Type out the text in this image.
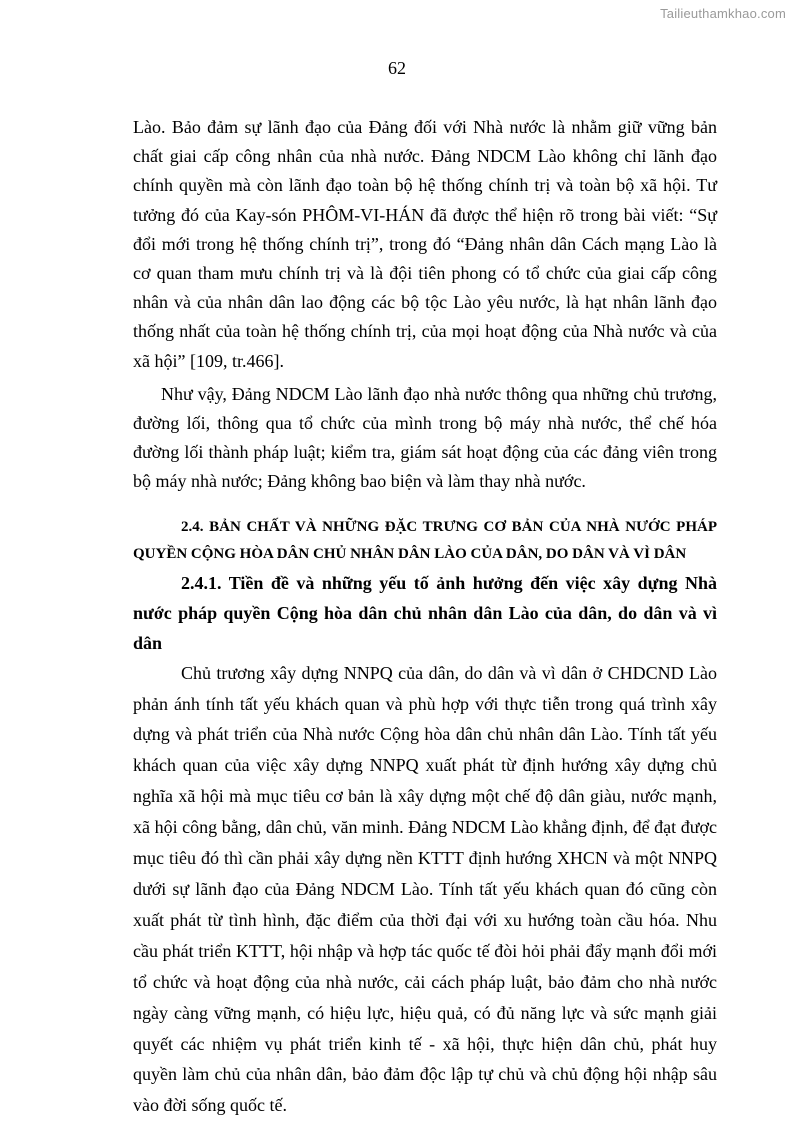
Tailieuthamkhao.com
62

Lào. Bảo đảm sự lãnh đạo của Đảng đối với Nhà nước là nhằm giữ vững bản chất giai cấp công nhân của nhà nước. Đảng NDCM Lào không chỉ lãnh đạo chính quyền mà còn lãnh đạo toàn bộ hệ thống chính trị và toàn bộ xã hội. Tư tưởng đó của Kay-són PHÔM-VI-HÁN đã được thể hiện rõ trong bài viết: “Sự đổi mới trong hệ thống chính trị”, trong đó “Đảng nhân dân Cách mạng Lào là cơ quan tham mưu chính trị và là đội tiên phong có tổ chức của giai cấp công nhân và của nhân dân lao động các bộ tộc Lào yêu nước, là hạt nhân lãnh đạo thống nhất của toàn hệ thống chính trị, của mọi hoạt động của Nhà nước và của xã hội” [109, tr.466].

Như vậy, Đảng NDCM Lào lãnh đạo nhà nước thông qua những chủ trương, đường lối, thông qua tổ chức của mình trong bộ máy nhà nước, thể chế hóa đường lối thành pháp luật; kiểm tra, giám sát hoạt động của các đảng viên trong bộ máy nhà nước; Đảng không bao biện và làm thay nhà nước.

2.4. BẢN CHẤT VÀ NHỮNG ĐẶC TRƯNG CƠ BẢN CỦA NHÀ NƯỚC PHÁP QUYỀN CỘNG HÒA DÂN CHỦ NHÂN DÂN LÀO CỦA DÂN, DO DÂN VÀ VÌ DÂN

2.4.1. Tiền đề và những yếu tố ảnh hưởng đến việc xây dựng Nhà nước pháp quyền Cộng hòa dân chủ nhân dân Lào của dân, do dân và vì dân

Chủ trương xây dựng NNPQ của dân, do dân và vì dân ở CHDCND Lào phản ánh tính tất yếu khách quan và phù hợp với thực tiễn trong quá trình xây dựng và phát triển của Nhà nước Cộng hòa dân chủ nhân dân Lào. Tính tất yếu khách quan của việc xây dựng NNPQ xuất phát từ định hướng xây dựng chủ nghĩa xã hội mà mục tiêu cơ bản là xây dựng một chế độ dân giàu, nước mạnh, xã hội công bằng, dân chủ, văn minh. Đảng NDCM Lào khẳng định, để đạt được mục tiêu đó thì cần phải xây dựng nền KTTT định hướng XHCN và một NNPQ dưới sự lãnh đạo của Đảng NDCM Lào. Tính tất yếu khách quan đó cũng còn xuất phát từ tình hình, đặc điểm của thời đại với xu hướng toàn cầu hóa. Nhu cầu phát triển KTTT, hội nhập và hợp tác quốc tế đòi hỏi phải đẩy mạnh đổi mới tổ chức và hoạt động của nhà nước, cải cách pháp luật, bảo đảm cho nhà nước ngày càng vững mạnh, có hiệu lực, hiệu quả, có đủ năng lực và sức mạnh giải quyết các nhiệm vụ phát triển kinh tế - xã hội, thực hiện dân chủ, phát huy quyền làm chủ của nhân dân, bảo đảm độc lập tự chủ và chủ động hội nhập sâu vào đời sống quốc tế.
